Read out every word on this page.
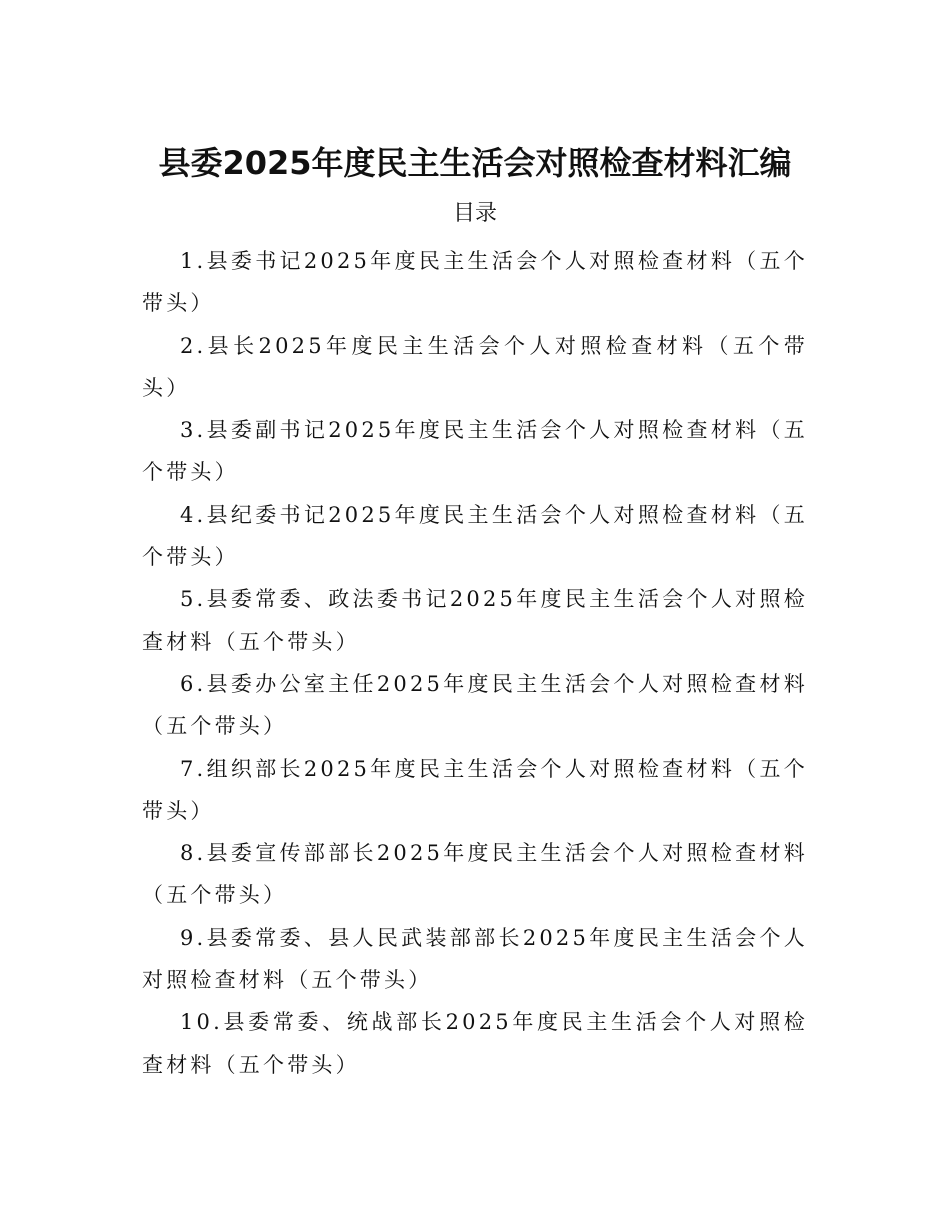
县委2025年度民主生活会对照检查材料汇编
目录
1.县委书记2025年度民主生活会个人对照检查材料（五个带头）
2.县长2025年度民主生活会个人对照检查材料（五个带头）
3.县委副书记2025年度民主生活会个人对照检查材料（五个带头）
4.县纪委书记2025年度民主生活会个人对照检查材料（五个带头）
5.县委常委、政法委书记2025年度民主生活会个人对照检查材料（五个带头）
6.县委办公室主任2025年度民主生活会个人对照检查材料（五个带头）
7.组织部长2025年度民主生活会个人对照检查材料（五个带头）
8.县委宣传部部长2025年度民主生活会个人对照检查材料（五个带头）
9.县委常委、县人民武装部部长2025年度民主生活会个人对照检查材料（五个带头）
10.县委常委、统战部长2025年度民主生活会个人对照检查材料（五个带头）
